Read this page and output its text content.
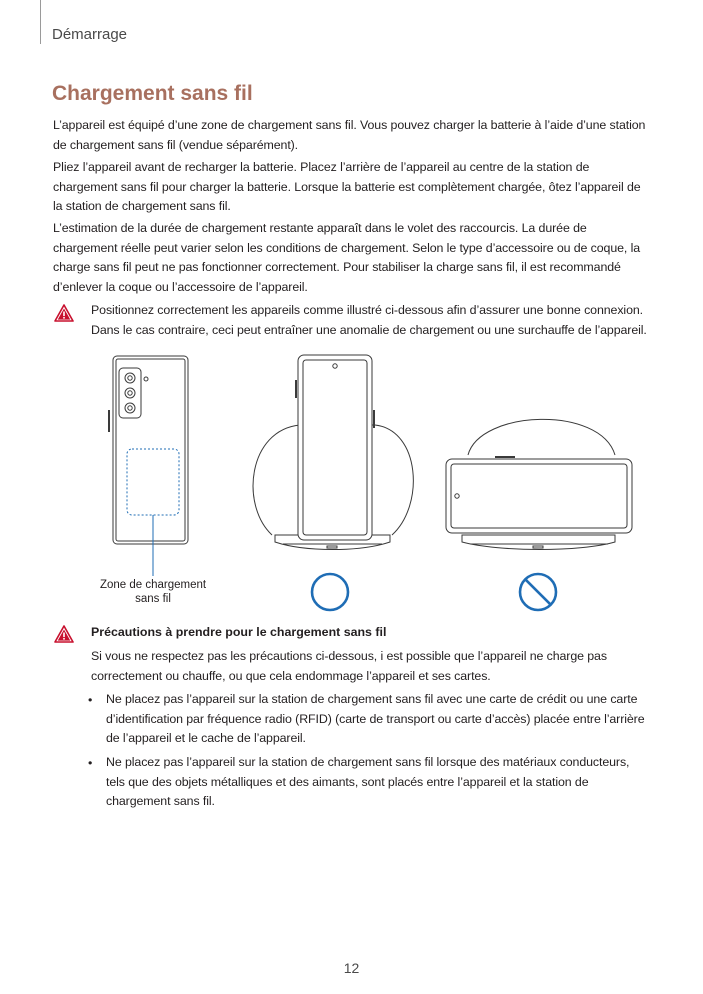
Démarrage
Chargement sans fil

L’appareil est équipé d’une zone de chargement sans fil. Vous pouvez charger la batterie à l’aide d’une station de chargement sans fil (vendue séparément).

Pliez l’appareil avant de recharger la batterie. Placez l’arrière de l’appareil au centre de la station de chargement sans fil pour charger la batterie. Lorsque la batterie est complètement chargée, ôtez l’appareil de la station de chargement sans fil.

L’estimation de la durée de chargement restante apparaît dans le volet des raccourcis. La durée de chargement réelle peut varier selon les conditions de chargement. Selon le type d’accessoire ou de coque, la charge sans fil peut ne pas fonctionner correctement. Pour stabiliser la charge sans fil, il est recommandé d’enlever la coque ou l’accessoire de l’appareil.

Positionnez correctement les appareils comme illustré ci-dessous afin d’assurer une bonne connexion. Dans le cas contraire, ceci peut entraîner une anomalie de chargement ou une surchauffe de l’appareil.

Zone de chargement sans fil

Précautions à prendre pour le chargement sans fil

Si vous ne respectez pas les précautions ci-dessous, i est possible que l’appareil ne charge pas correctement ou chauffe, ou que cela endommage l’appareil et ses cartes.

• Ne placez pas l’appareil sur la station de chargement sans fil avec une carte de crédit ou une carte d’identification par fréquence radio (RFID) (carte de transport ou carte d’accès) placée entre l’arrière de l’appareil et le cache de l’appareil.

• Ne placez pas l’appareil sur la station de chargement sans fil lorsque des matériaux conducteurs, tels que des objets métalliques et des aimants, sont placés entre l’appareil et la station de chargement sans fil.

12
